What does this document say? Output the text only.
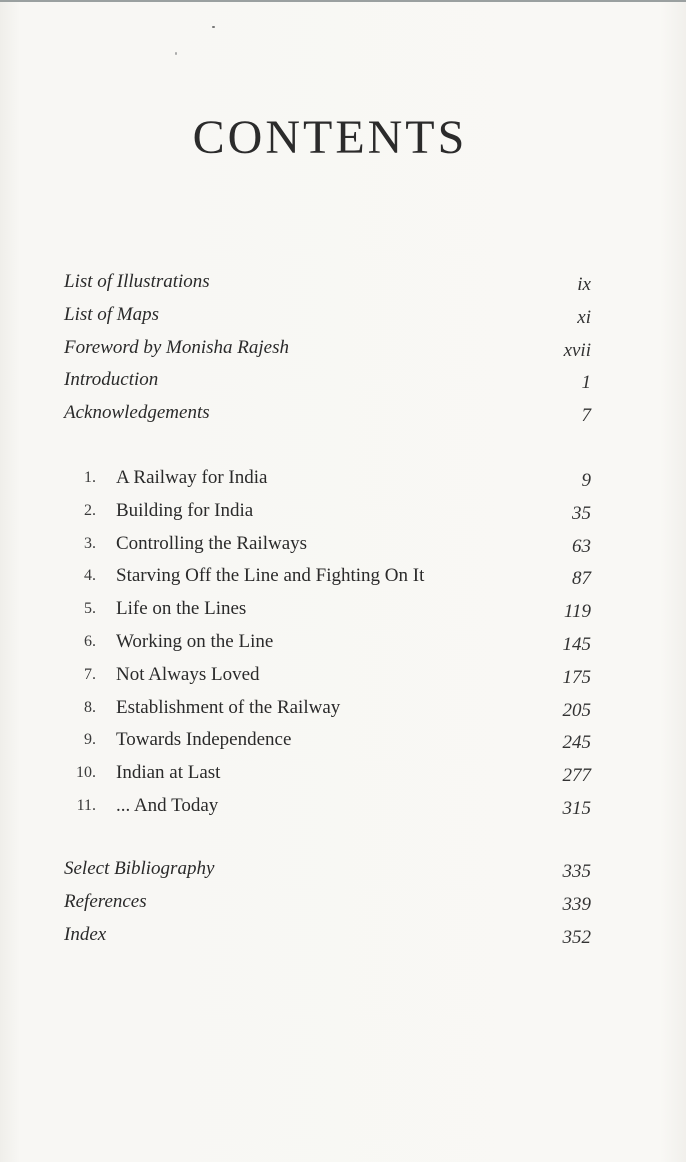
CONTENTS
List of Illustrations	ix
List of Maps	xi
Foreword by Monisha Rajesh	xvii
Introduction	1
Acknowledgements	7
1. A Railway for India	9
2. Building for India	35
3. Controlling the Railways	63
4. Starving Off the Line and Fighting On It	87
5. Life on the Lines	119
6. Working on the Line	145
7. Not Always Loved	175
8. Establishment of the Railway	205
9. Towards Independence	245
10. Indian at Last	277
11. ... And Today	315
Select Bibliography	335
References	339
Index	352
